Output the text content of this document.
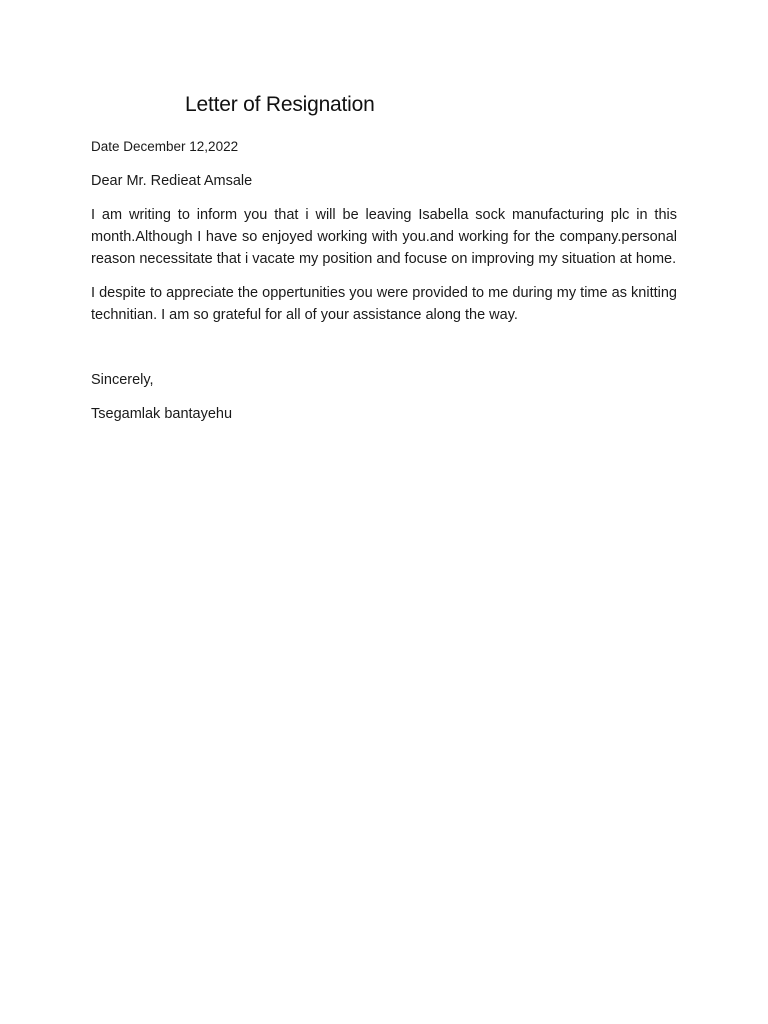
Letter of Resignation

Date December 12,2022

Dear Mr. Redieat Amsale

I am writing to inform you that i will be leaving Isabella sock manufacturing plc in this month.Although I have so enjoyed working with you.and working for the company.personal reason necessitate that i vacate my position and focuse on improving my situation at home.

I despite to appreciate the oppertunities you were provided to me during my time as knitting technitian. I am so grateful for all of your assistance along the way.

Sincerely,

Tsegamlak bantayehu
